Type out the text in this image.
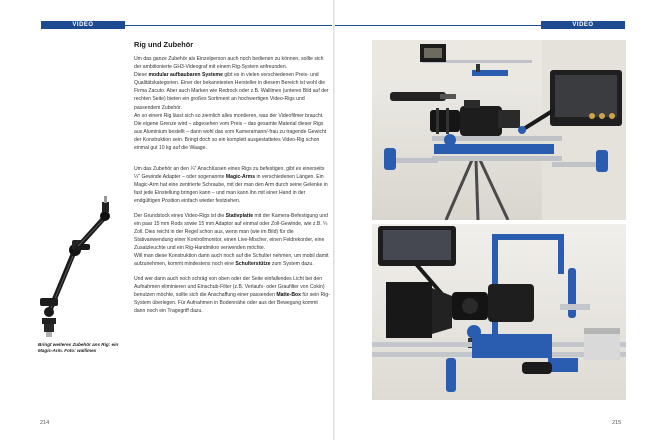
VIDEO	VIDEO
Rig und Zubehör

Um das ganze Zubehör als Einzelperson auch noch bedienen zu können, sollte sich der ambitionierte GH3-Videograf mit einem Rig-System anfreunden.
Diese modular aufbaubaren Systeme gibt es in vielen verschiedenen Preis- und Qualitätskategorien. Einer der bekanntesten Hersteller in diesem Bereich ist wohl die Firma Zacuto. Aber auch Marken wie Redrock oder z.B. Wallimex (unteres Bild auf der rechten Seite) bieten ein großes Sortiment an hochwertigen Video-Rigs und passendem Zubehör.
An so einem Rig lässt sich so ziemlich alles montieren, was der Videofilmer braucht. Die eigene Grenze wird – abgesehen vom Preis – das gesamte Material dieser Rigs aus Aluminium bestellt – dann wohl das vom Kameramann/-frau zu tragende Gewicht der Konstruktion sein. Bringt doch so ein komplett ausgestattetes Video-Rig schon einmal gut 10 kg auf die Waage.

Um das Zubehör an den ¼" Anschlüssen eines Rigs zu befestigen, gibt es einerseits ¼" Gewinde Adapter – oder sogenannte Magic-Arms in verschiedenen Längen. Ein Magic-Arm hat eine zentrierte Schraube, mit der man den Arm durch seine Gelenke in fast jede Einstellung bringen kann – und man kann ihn mit einer Hand in der endgültigen Position einfach wieder festziehen.

Der Grundstock eines Video-Rigs ist die Stativplatte mit der Kamera-Befestigung und ein paar 15 mm Rods sowie 15 mm Adaptor auf einmal oder Zoll-Gewinde, wie z.B. ¼ Zoll. Dies reicht in der Regel schon aus, wenn man (wie im Bild) für die Stativanwendung einer Kontrollmonitor, einen Live-Mischer, einen Feldrekorder, eine Zusatzleuchte und ein Rig-Handmikro verwenden möchte.
Will man diese Konstruktion dann auch noch auf die Schulter nehmen, um mobil damit aufzunehmen, kommt mindestens noch eine Schulterstütze zum System dazu.

Und wer dann auch noch schräg von oben oder der Seite einfallendes Licht bei den Aufnahmen eliminieren und Einschub-Filter (z.B. Verlaufs- oder Graufilter von Cokin) benutzen möchte, sollte sich die Anschaffung einer passenden Matte-Box für sein Rig-System überlegen. Für Aufnahmen in Bodennähe oder aus der Bewegung kommt dann noch ein Tragegriff dazu.

Bringt weiteres Zubehör ans Rig: ein Magic-Arm. Foto: wallimex
214	215
